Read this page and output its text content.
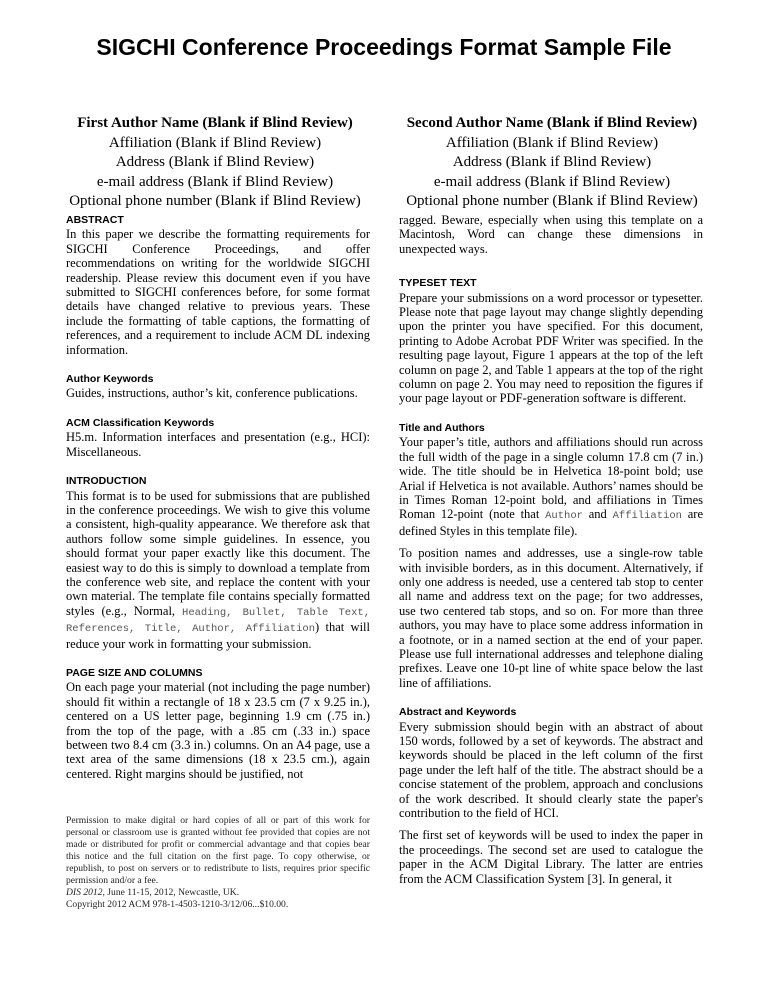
SIGCHI Conference Proceedings Format Sample File
First Author Name (Blank if Blind Review)
Affiliation (Blank if Blind Review)
Address (Blank if Blind Review)
e-mail address (Blank if Blind Review)
Optional phone number (Blank if Blind Review)
Second Author Name (Blank if Blind Review)
Affiliation (Blank if Blind Review)
Address (Blank if Blind Review)
e-mail address (Blank if Blind Review)
Optional phone number (Blank if Blind Review)
ABSTRACT

In this paper we describe the formatting requirements for SIGCHI Conference Proceedings, and offer recommendations on writing for the worldwide SIGCHI readership. Please review this document even if you have submitted to SIGCHI conferences before, for some format details have changed relative to previous years. These include the formatting of table captions, the formatting of references, and a requirement to include ACM DL indexing information.

Author Keywords

Guides, instructions, author’s kit, conference publications.

ACM Classification Keywords

H5.m. Information interfaces and presentation (e.g., HCI): Miscellaneous.

INTRODUCTION

This format is to be used for submissions that are published in the conference proceedings. We wish to give this volume a consistent, high-quality appearance. We therefore ask that authors follow some simple guidelines. In essence, you should format your paper exactly like this document. The easiest way to do this is simply to download a template from the conference web site, and replace the content with your own material. The template file contains specially formatted styles (e.g., Normal, Heading, Bullet, Table Text, References, Title, Author, Affiliation) that will reduce your work in formatting your submission.

PAGE SIZE AND COLUMNS

On each page your material (not including the page number) should fit within a rectangle of 18 x 23.5 cm (7 x 9.25 in.), centered on a US letter page, beginning 1.9 cm (.75 in.) from the top of the page, with a .85 cm (.33 in.) space between two 8.4 cm (3.3 in.) columns. On an A4 page, use a text area of the same dimensions (18 x 23.5 cm.), again centered. Right margins should be justified, not

Permission to make digital or hard copies of all or part of this work for personal or classroom use is granted without fee provided that copies are not made or distributed for profit or commercial advantage and that copies bear this notice and the full citation on the first page. To copy otherwise, or republish, to post on servers or to redistribute to lists, requires prior specific permission and/or a fee.
DIS 2012, June 11-15, 2012, Newcastle, UK.
Copyright 2012 ACM 978-1-4503-1210-3/12/06...$10.00.

ragged. Beware, especially when using this template on a Macintosh, Word can change these dimensions in unexpected ways.

TYPESET TEXT

Prepare your submissions on a word processor or typesetter. Please note that page layout may change slightly depending upon the printer you have specified. For this document, printing to Adobe Acrobat PDF Writer was specified. In the resulting page layout, Figure 1 appears at the top of the left column on page 2, and Table 1 appears at the top of the right column on page 2. You may need to reposition the figures if your page layout or PDF-generation software is different.

Title and Authors

Your paper’s title, authors and affiliations should run across the full width of the page in a single column 17.8 cm (7 in.) wide. The title should be in Helvetica 18-point bold; use Arial if Helvetica is not available. Authors’ names should be in Times Roman 12-point bold, and affiliations in Times Roman 12-point (note that Author and Affiliation are defined Styles in this template file).

To position names and addresses, use a single-row table with invisible borders, as in this document. Alternatively, if only one address is needed, use a centered tab stop to center all name and address text on the page; for two addresses, use two centered tab stops, and so on. For more than three authors, you may have to place some address information in a footnote, or in a named section at the end of your paper. Please use full international addresses and telephone dialing prefixes. Leave one 10-pt line of white space below the last line of affiliations.

Abstract and Keywords

Every submission should begin with an abstract of about 150 words, followed by a set of keywords. The abstract and keywords should be placed in the left column of the first page under the left half of the title. The abstract should be a concise statement of the problem, approach and conclusions of the work described. It should clearly state the paper's contribution to the field of HCI.

The first set of keywords will be used to index the paper in the proceedings. The second set are used to catalogue the paper in the ACM Digital Library. The latter are entries from the ACM Classification System [3]. In general, it
